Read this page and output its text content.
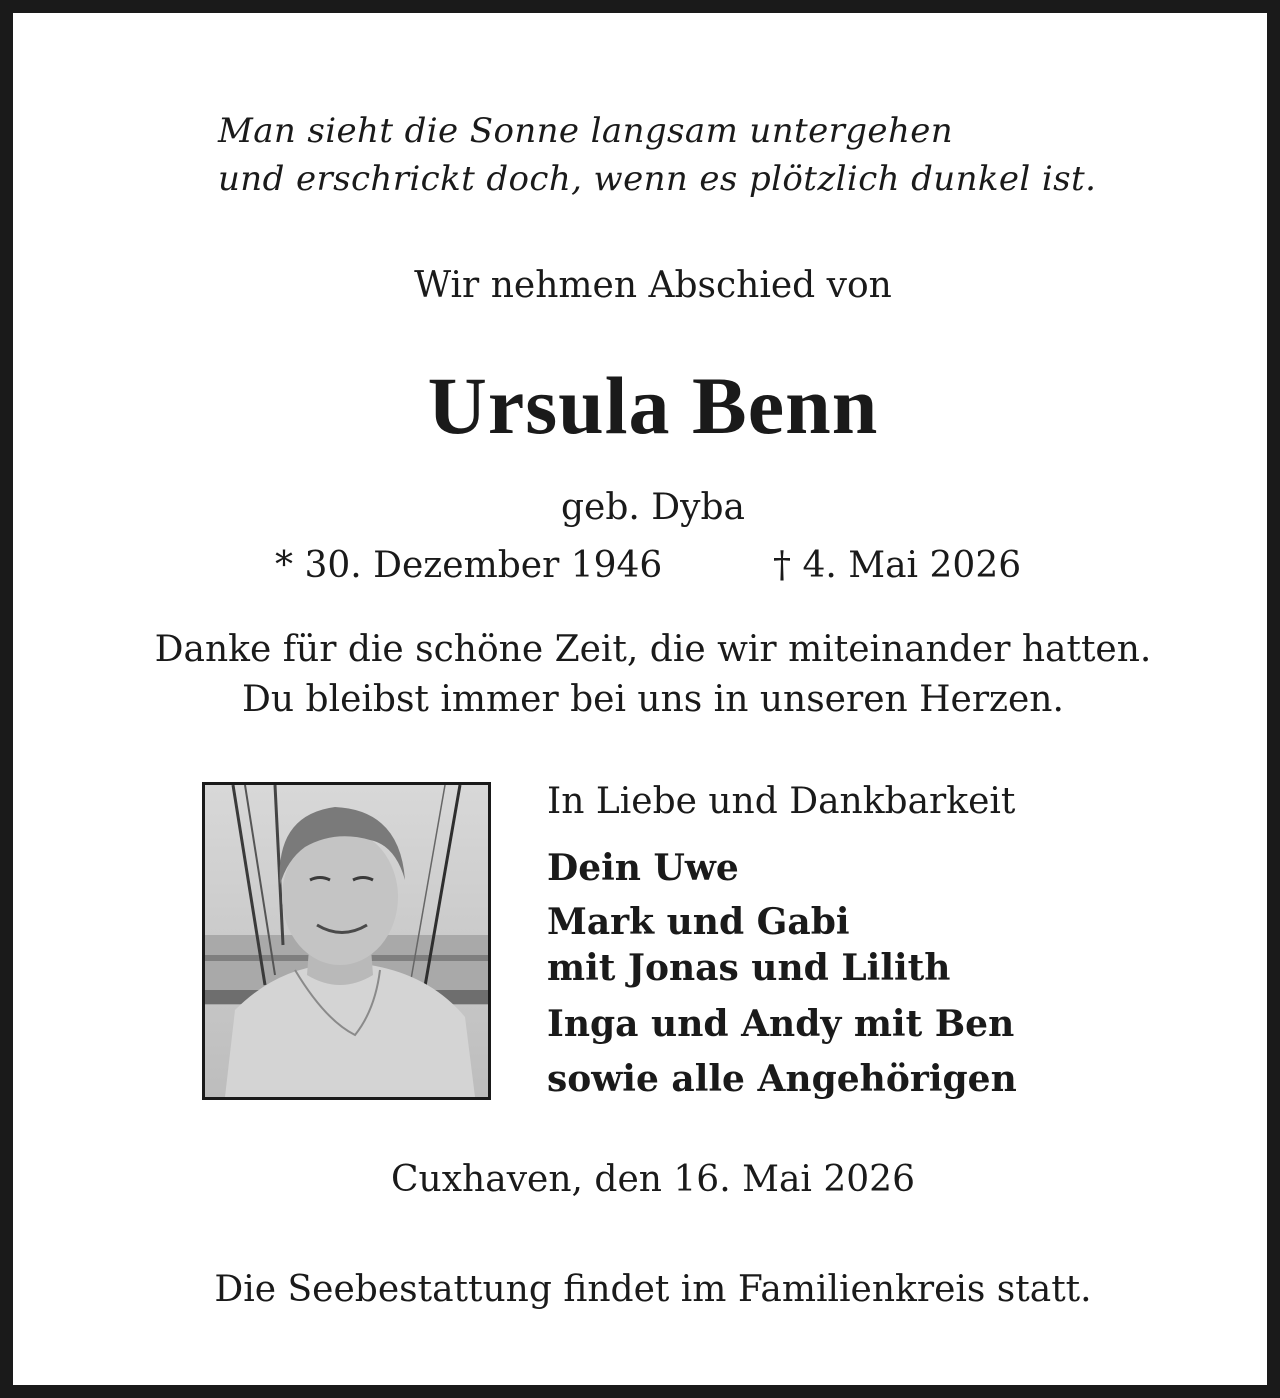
Man sieht die Sonne langsam untergehen
und erschrickt doch, wenn es plötzlich dunkel ist.
Wir nehmen Abschied von
Ursula Benn
geb. Dyba
* 30. Dezember 1946	† 4. Mai 2026
Danke für die schöne Zeit, die wir miteinander hatten.
Du bleibst immer bei uns in unseren Herzen.
In Liebe und Dankbarkeit
Dein Uwe
Mark und Gabi
mit Jonas und Lilith
Inga und Andy mit Ben
sowie alle Angehörigen
Cuxhaven, den 16. Mai 2026
Die Seebestattung findet im Familienkreis statt.
